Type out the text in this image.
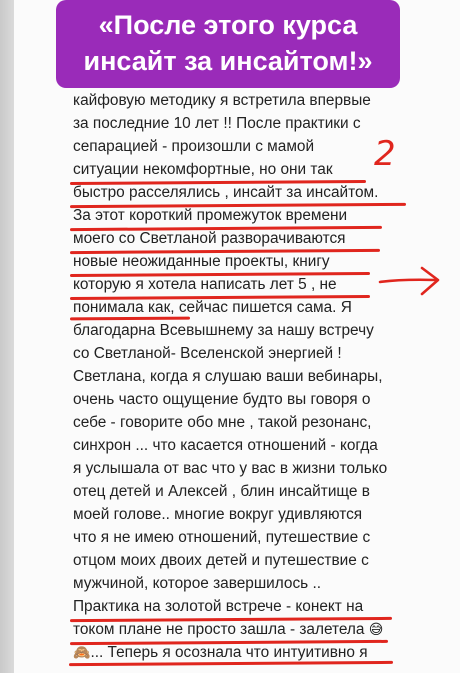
«После этого курса
инсайт за инсайтом!»
кайфовую методику я встретила впервые
за последние 10 лет !! После практики с
сепарацией - произошли с мамой
ситуации некомфортные, но они так
быстро расселялись , инсайт за инсайтом.
За этот короткий промежуток времени
моего со Светланой разворачиваются
новые неожиданные проекты, книгу
которую я хотела написать лет 5 , не
понимала как, сейчас пишется сама. Я
благодарна Всевышнему за нашу встречу
со Светланой- Вселенской энергией !
Светлана, когда я слушаю ваши вебинары,
очень часто ощущение будто вы говоря о
себе - говорите обо мне , такой резонанс,
синхрон ... что касается отношений - когда
я услышала от вас что у вас в жизни только
отец детей и Алексей , блин инсайтище в
моей голове.. многие вокруг удивляются
что я не имею отношений, путешествие с
отцом моих двоих детей и путешествие с
мужчиной, которое завершилось ..
Практика на золотой встрече - конект на
током плане не просто зашла - залетела 😅
🙈... Теперь я осознала что интуитивно я
2
